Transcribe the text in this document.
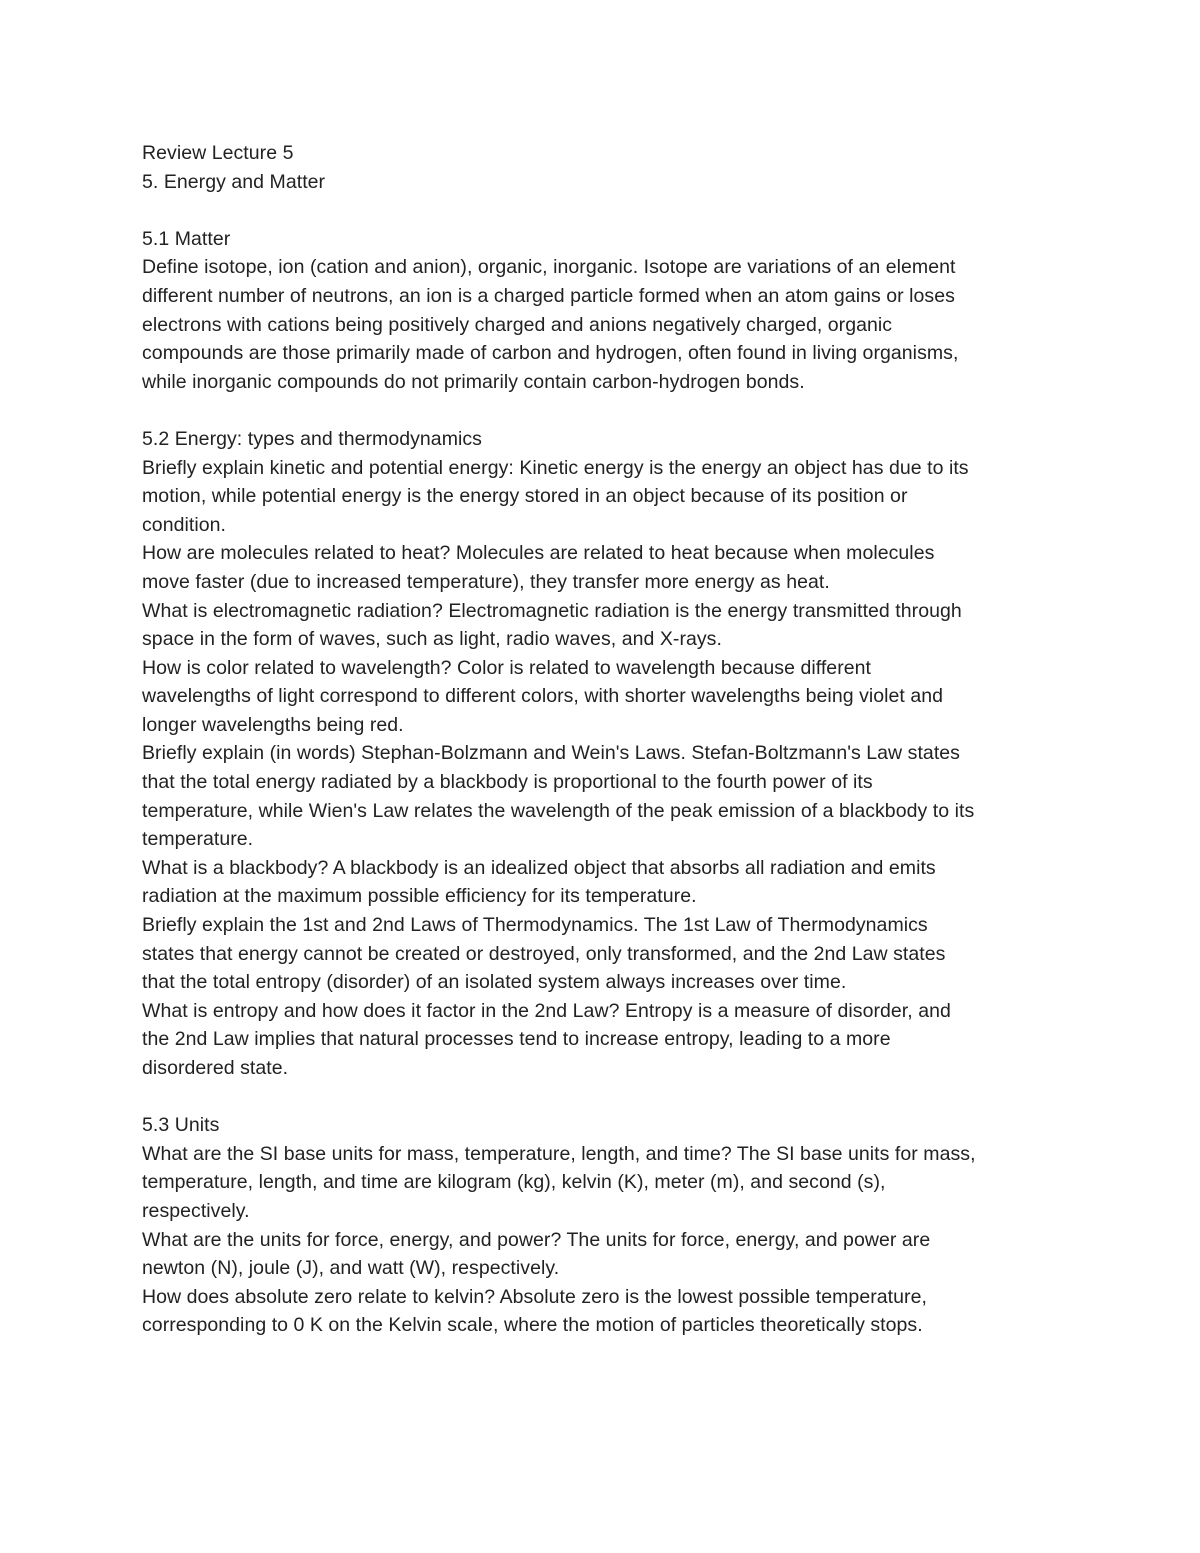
Review Lecture 5
5. Energy and Matter
5.1 Matter
Define isotope, ion (cation and anion), organic, inorganic. Isotope are variations of an element
different number of neutrons, an ion is a charged particle formed when an atom gains or loses
electrons with cations being positively charged and anions negatively charged, organic
compounds are those primarily made of carbon and hydrogen, often found in living organisms,
while inorganic compounds do not primarily contain carbon-hydrogen bonds.
5.2 Energy: types and thermodynamics
Briefly explain kinetic and potential energy: Kinetic energy is the energy an object has due to its
motion, while potential energy is the energy stored in an object because of its position or
condition.
How are molecules related to heat? Molecules are related to heat because when molecules
move faster (due to increased temperature), they transfer more energy as heat.
What is electromagnetic radiation? Electromagnetic radiation is the energy transmitted through
space in the form of waves, such as light, radio waves, and X-rays.
How is color related to wavelength? Color is related to wavelength because different
wavelengths of light correspond to different colors, with shorter wavelengths being violet and
longer wavelengths being red.
Briefly explain (in words) Stephan-Bolzmann and Wein's Laws. Stefan-Boltzmann's Law states
that the total energy radiated by a blackbody is proportional to the fourth power of its
temperature, while Wien's Law relates the wavelength of the peak emission of a blackbody to its
temperature.
What is a blackbody? A blackbody is an idealized object that absorbs all radiation and emits
radiation at the maximum possible efficiency for its temperature.
Briefly explain the 1st and 2nd Laws of Thermodynamics. The 1st Law of Thermodynamics
states that energy cannot be created or destroyed, only transformed, and the 2nd Law states
that the total entropy (disorder) of an isolated system always increases over time.
What is entropy and how does it factor in the 2nd Law? Entropy is a measure of disorder, and
the 2nd Law implies that natural processes tend to increase entropy, leading to a more
disordered state.
5.3 Units
What are the SI base units for mass, temperature, length, and time? The SI base units for mass,
temperature, length, and time are kilogram (kg), kelvin (K), meter (m), and second (s),
respectively.
What are the units for force, energy, and power? The units for force, energy, and power are
newton (N), joule (J), and watt (W), respectively.
How does absolute zero relate to kelvin? Absolute zero is the lowest possible temperature,
corresponding to 0 K on the Kelvin scale, where the motion of particles theoretically stops.
